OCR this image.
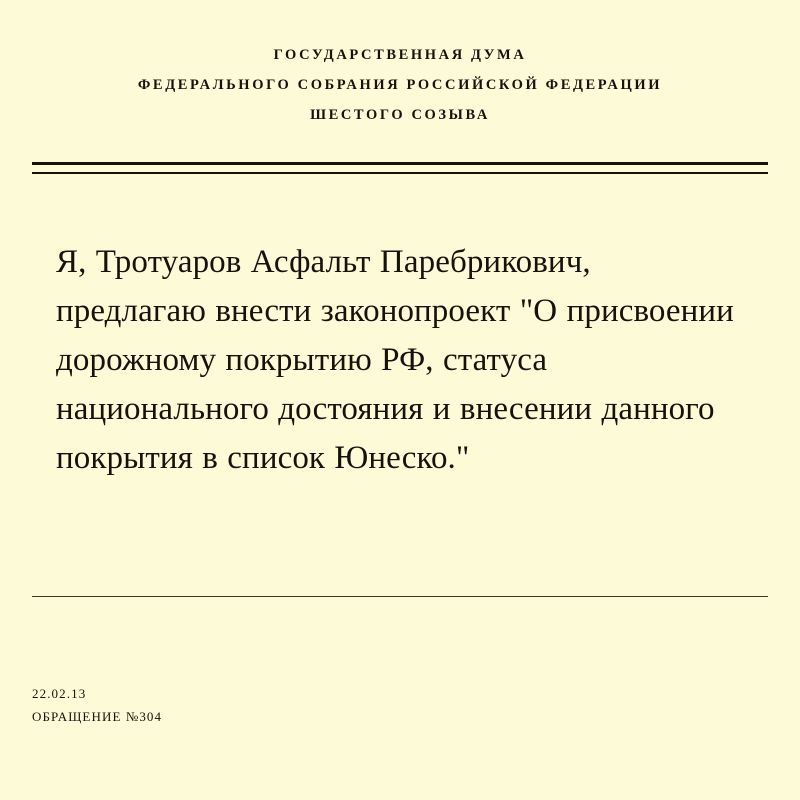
ГОСУДАРСТВЕННАЯ ДУМА
ФЕДЕРАЛЬНОГО СОБРАНИЯ РОССИЙСКОЙ ФЕДЕРАЦИИ
ШЕСТОГО СОЗЫВА

Я, Тротуаров Асфальт Паребрикович, предлагаю внести законопроект "О присвоении дорожному покрытию РФ, статуса национального достояния и внесении данного покрытия в список Юнеско."

22.02.13
ОБРАЩЕНИЕ №304
